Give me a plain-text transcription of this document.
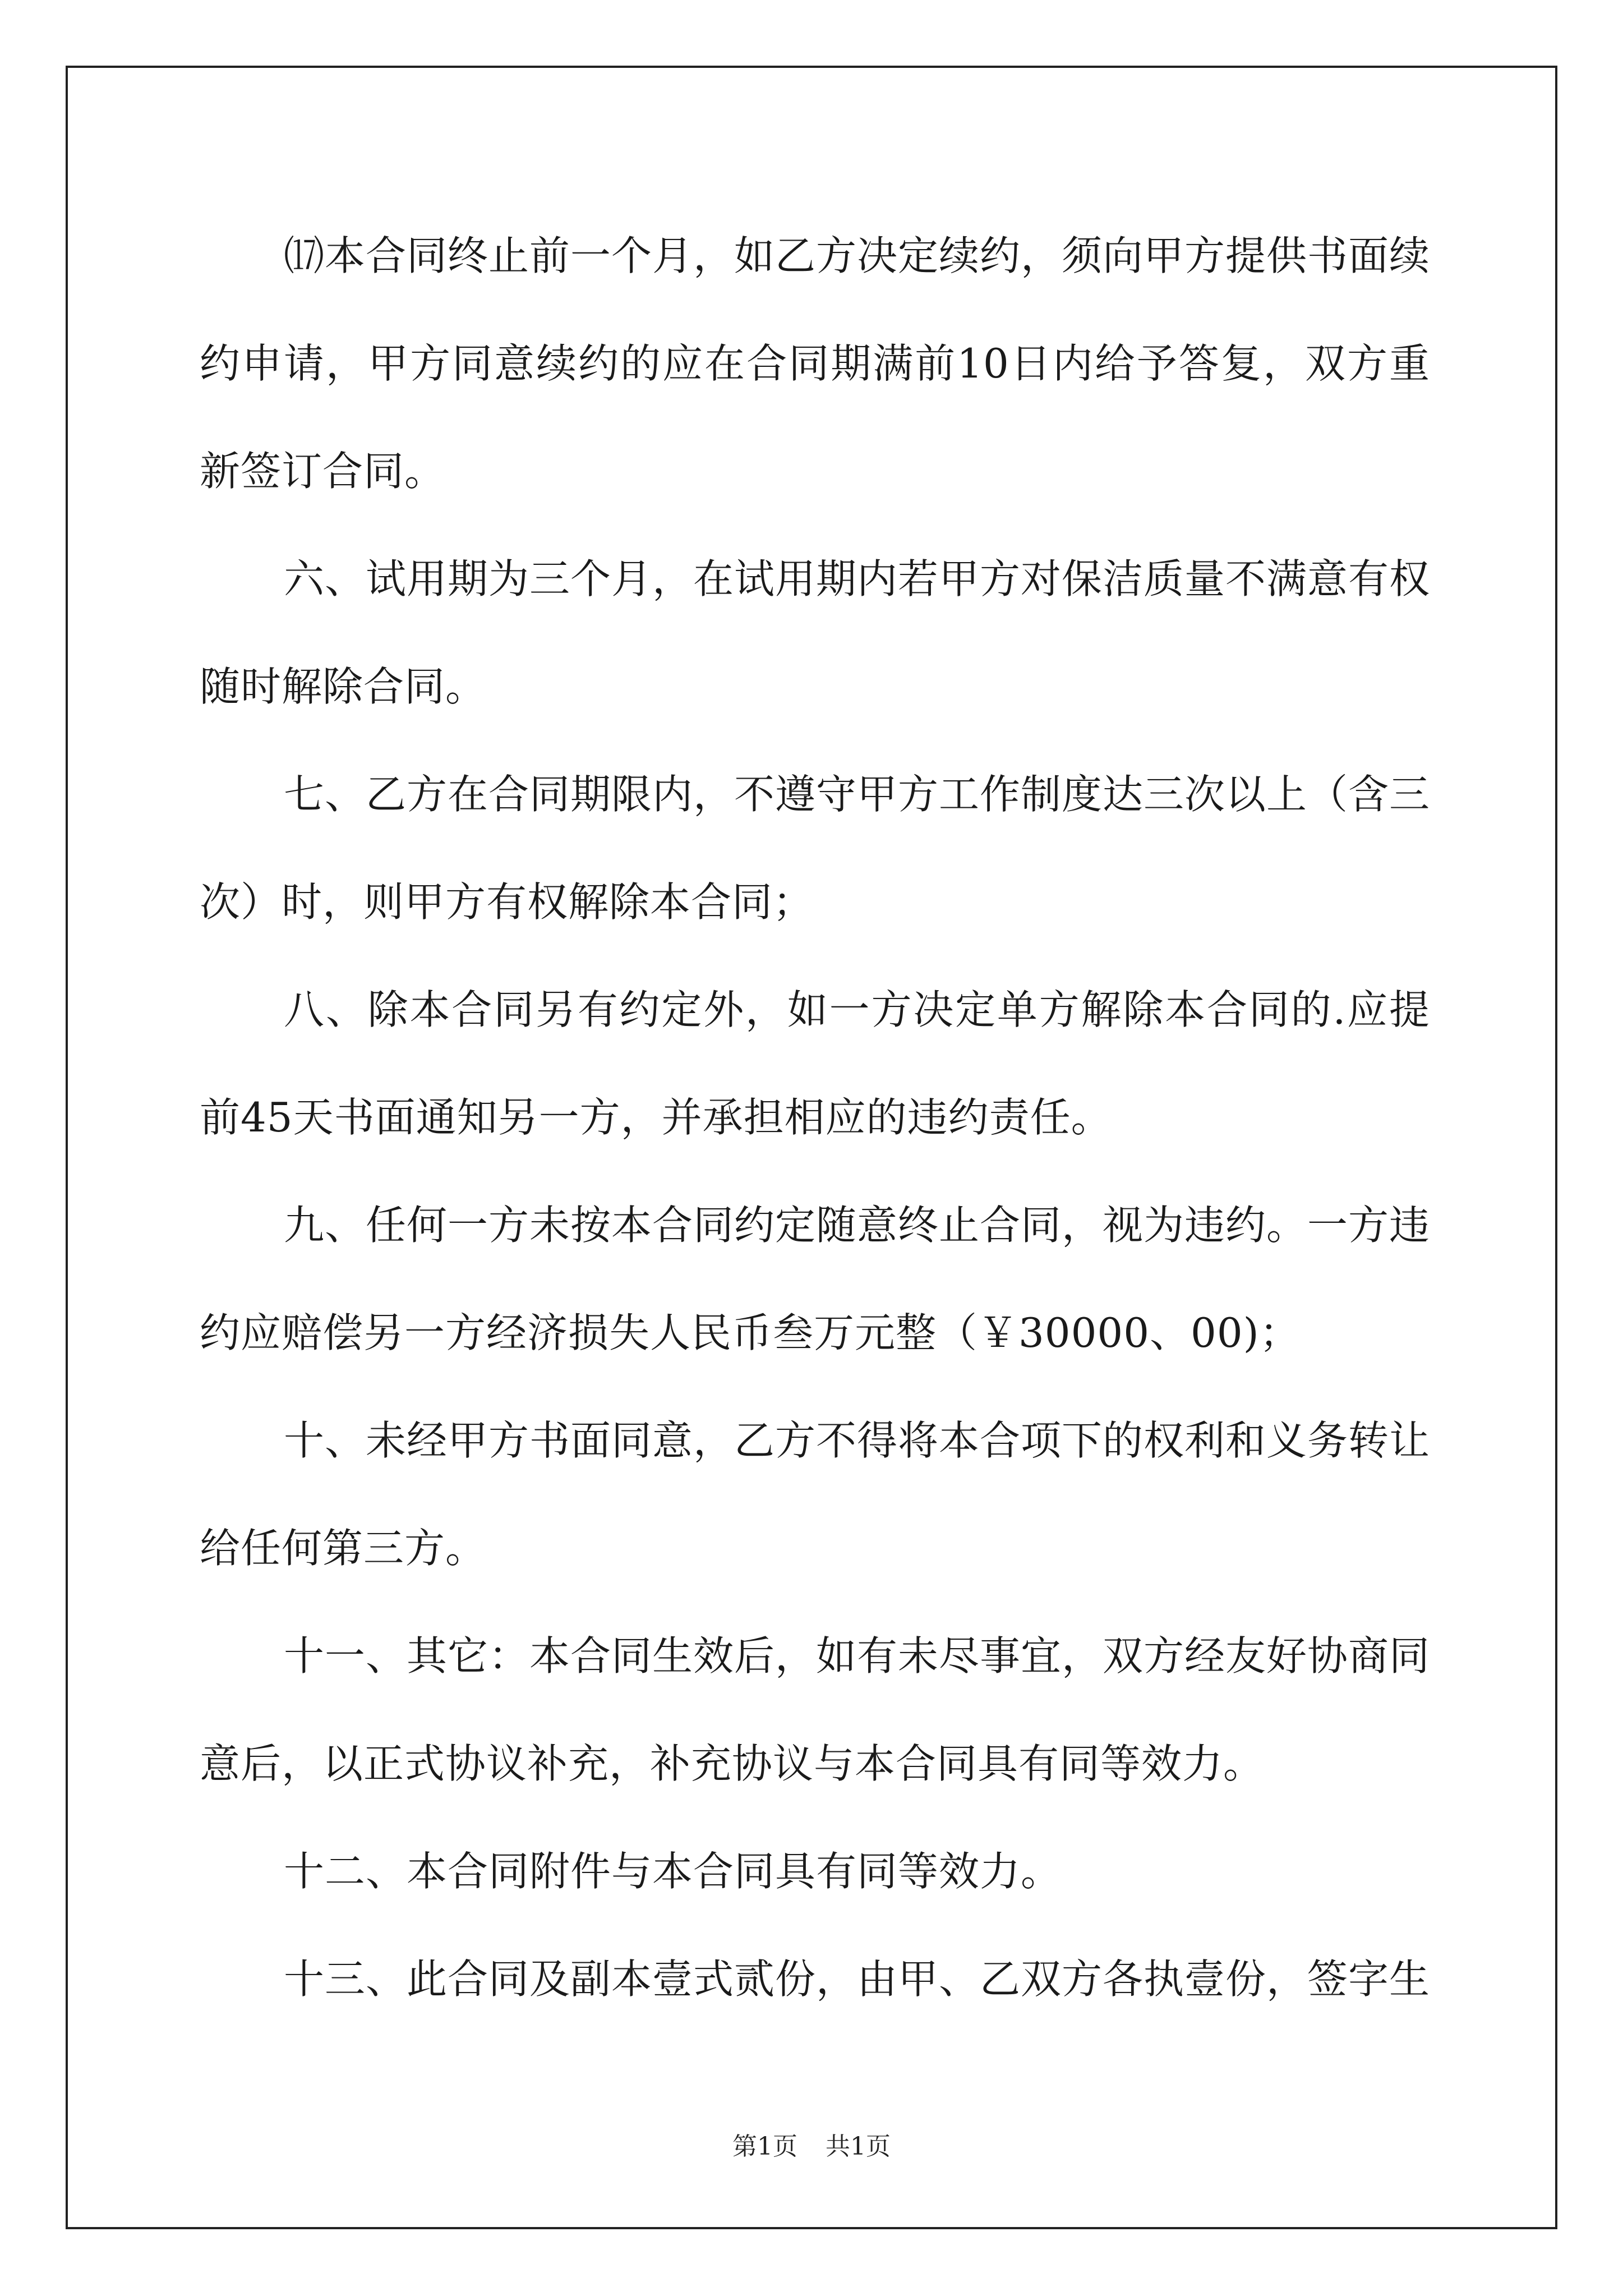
⒄本合同终止前一个月，如乙方决定续约，须向甲方提供书面续约申请，甲方同意续约的应在合同期满前10日内给予答复，双方重新签订合同。

六、试用期为三个月，在试用期内若甲方对保洁质量不满意有权随时解除合同。

七、乙方在合同期限内，不遵守甲方工作制度达三次以上（含三次）时，则甲方有权解除本合同；

八、除本合同另有约定外，如一方决定单方解除本合同的.应提前45天书面通知另一方，并承担相应的违约责任。

九、任何一方未按本合同约定随意终止合同，视为违约。一方违约应赔偿另一方经济损失人民币叁万元整（￥30000、00)；

十、未经甲方书面同意，乙方不得将本合项下的权利和义务转让给任何第三方。

十一、其它：本合同生效后，如有未尽事宜，双方经友好协商同意后，以正式协议补充，补充协议与本合同具有同等效力。

十二、本合同附件与本合同具有同等效力。

十三、此合同及副本壹式贰份，由甲、乙双方各执壹份，签字生

第1页 共1页
